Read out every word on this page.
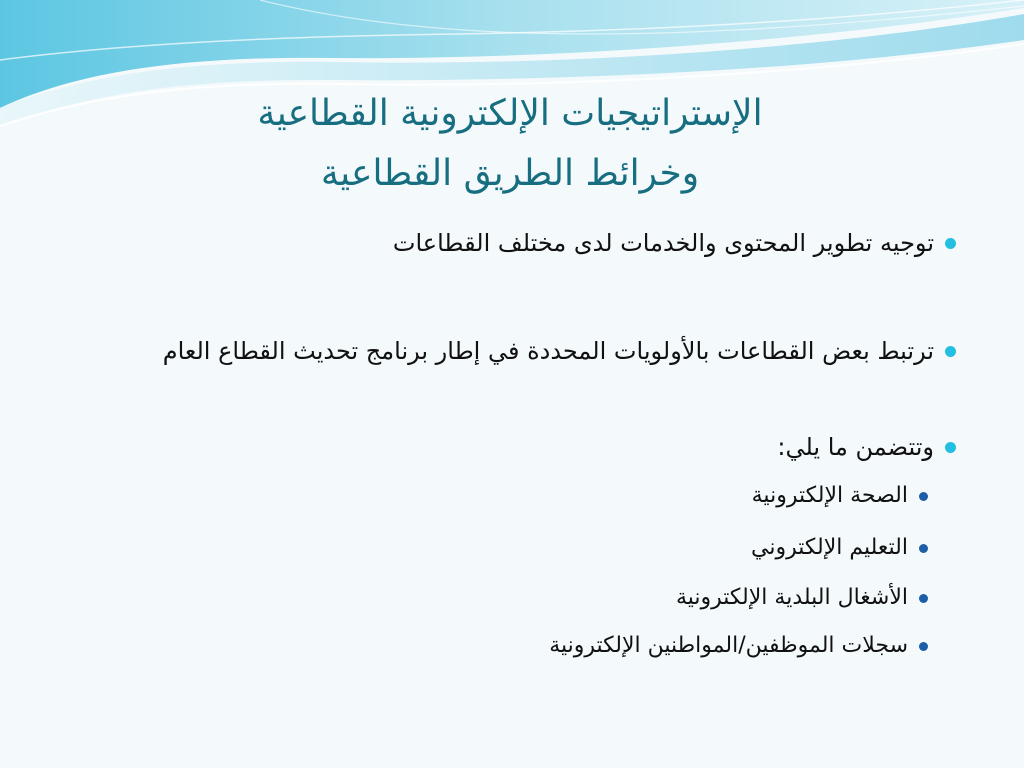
الإستراتيجيات الإلكترونية القطاعية
وخرائط الطريق القطاعية
توجيه تطوير المحتوى والخدمات لدى مختلف القطاعات
ترتبط بعض القطاعات بالأولويات المحددة في إطار برنامج تحديث القطاع العام
وتتضمن ما يلي:
الصحة الإلكترونية
التعليم الإلكتروني
الأشغال البلدية الإلكترونية
سجلات الموظفين/المواطنين الإلكترونية
